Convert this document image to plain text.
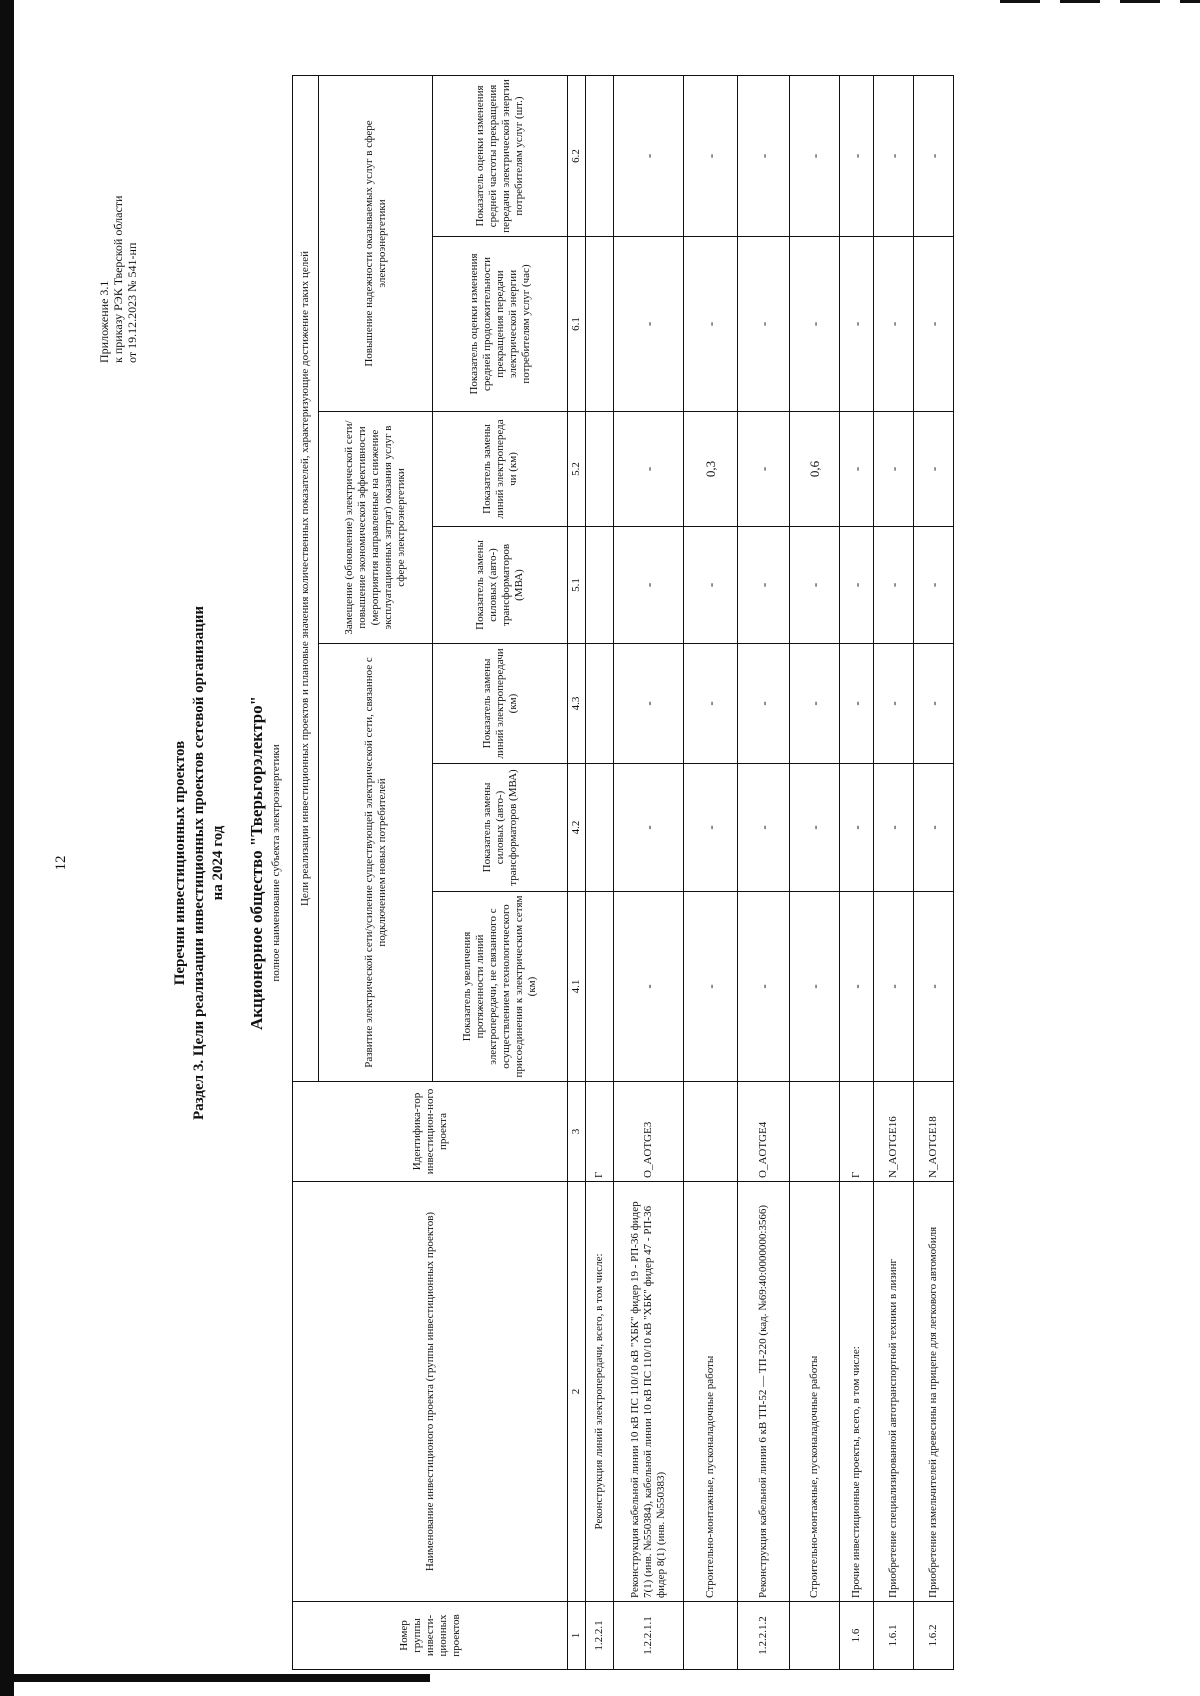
12
Приложение 3.1 к приказу РЭК Тверской области от 19.12.2023 № 541-нп
Перечни инвестиционных проектов Раздел 3. Цели реализации инвестиционных проектов сетевой организации на 2024 год Акционерное общество "Тверьгорэлектро" полное наименование субъекта электроэнергетики
Номер группы инвести-ционных проектов	Наименование инвестиционого проекта (группы инвестиционных проектов)	Идентифика-тор инвестицион-ного проекта	Цели реализации инвестиционных проектов и плановые значения количественных показателей, характеризующие достижение таких целей						
			Развитие электрической сети/усиление существующей электрической сети, связанное с подключением новых потребителей			Замещение (обновление) электрической сети/повышение экономической эффективности (мероприятия направленные на снижение эксплуатационных затрат) оказания услуг в сфере электроэнергетики		Повышение надежности оказываемых услуг в сфере электроэнергетики	
			Показатель увеличения протяженности линий электропередачи, не связанного с осуществлением технологического присоединения к электрическим сетям (км)	Показатель замены силовых (авто-) трансформаторов (МВА)	Показатель замены линий электропередачи (км)	Показатель замены силовых (авто-) трансформаторов (МВА)	Показатель замены линий электропереда чи (км)	Показатель оценки изменения средней продолжительности прекращения передачи электрической энергии потребителям услуг (час)	Показатель оценки изменения средней частоты прекращения передачи электрической энергии потребителям услуг (шт.)
1	2	3	4.1	4.2	4.3	5.1	5.2	6.1	6.2
1.2.2.1	Реконструкция линий электропередачи, всего, в том числе:	Г							
1.2.2.1.1	Реконструкция кабельной линии 10 кВ ПС 110/10 кВ "ХБК" фидер 19 - РП-36 фидер 7(1) (инв. №550384), кабельной линии 10 кВ ПС 110/10 кВ "ХБК" фидер 47 - РП-36 фидер 8(1) (инв. №550383)	O_AOTGE3	-	-	-	-	-	-	-
	Строительно-монтажные, пусконаладочные работы		-	-	-	-	0,3	-	-
1.2.2.1.2	Реконструкция кабельной линии 6 кВ ТП-52 — ТП-220 (кад. №69:40:0000000:3566)	O_AOTGE4	-	-	-	-	-	-	-
	Строительно-монтажные, пусконаладочные работы		-	-	-	-	0,6	-	-
1.6	Прочие инвестиционные проекты, всего, в том числе:	Г	-	-	-	-	-	-	-
1.6.1	Приобретение специализированной автотранспортной техники в лизинг	N_AOTGE16	-	-	-	-	-	-	-
1.6.2	Приобретение измельчителей древесины на прицепе для легкового автомобиля	N_AOTGE18	-	-	-	-	-	-	-
